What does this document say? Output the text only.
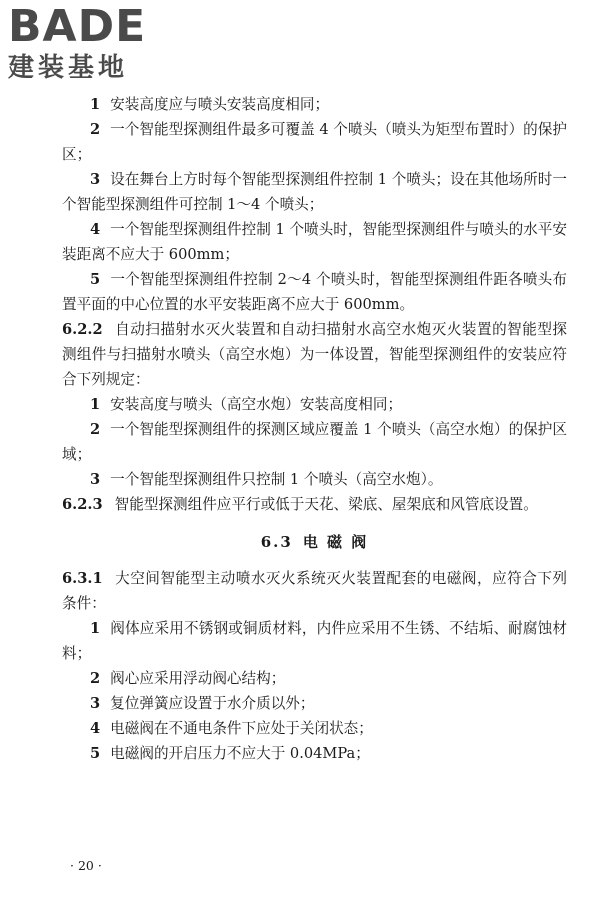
BADE
建装基地
1 安装高度应与喷头安装高度相同；
2 一个智能型探测组件最多可覆盖 4 个喷头（喷头为矩型布置时）的保护区；
3 设在舞台上方时每个智能型探测组件控制 1 个喷头；设在其他场所时一个智能型探测组件可控制 1～4 个喷头；
4 一个智能型探测组件控制 1 个喷头时，智能型探测组件与喷头的水平安装距离不应大于 600mm；
5 一个智能型探测组件控制 2～4 个喷头时，智能型探测组件距各喷头布置平面的中心位置的水平安装距离不应大于 600mm。
6.2.2 自动扫描射水灭火装置和自动扫描射水高空水炮灭火装置的智能型探测组件与扫描射水喷头（高空水炮）为一体设置，智能型探测组件的安装应符合下列规定：
1 安装高度与喷头（高空水炮）安装高度相同；
2 一个智能型探测组件的探测区域应覆盖 1 个喷头（高空水炮）的保护区域；
3 一个智能型探测组件只控制 1 个喷头（高空水炮）。
6.2.3 智能型探测组件应平行或低于天花、梁底、屋架底和风管底设置。
6.3 电 磁 阀
6.3.1 大空间智能型主动喷水灭火系统灭火装置配套的电磁阀，应符合下列条件：
1 阀体应采用不锈钢或铜质材料，内件应采用不生锈、不结垢、耐腐蚀材料；
2 阀心应采用浮动阀心结构；
3 复位弹簧应设置于水介质以外；
4 电磁阀在不通电条件下应处于关闭状态；
5 电磁阀的开启压力不应大于 0.04MPa；
· 20 ·
